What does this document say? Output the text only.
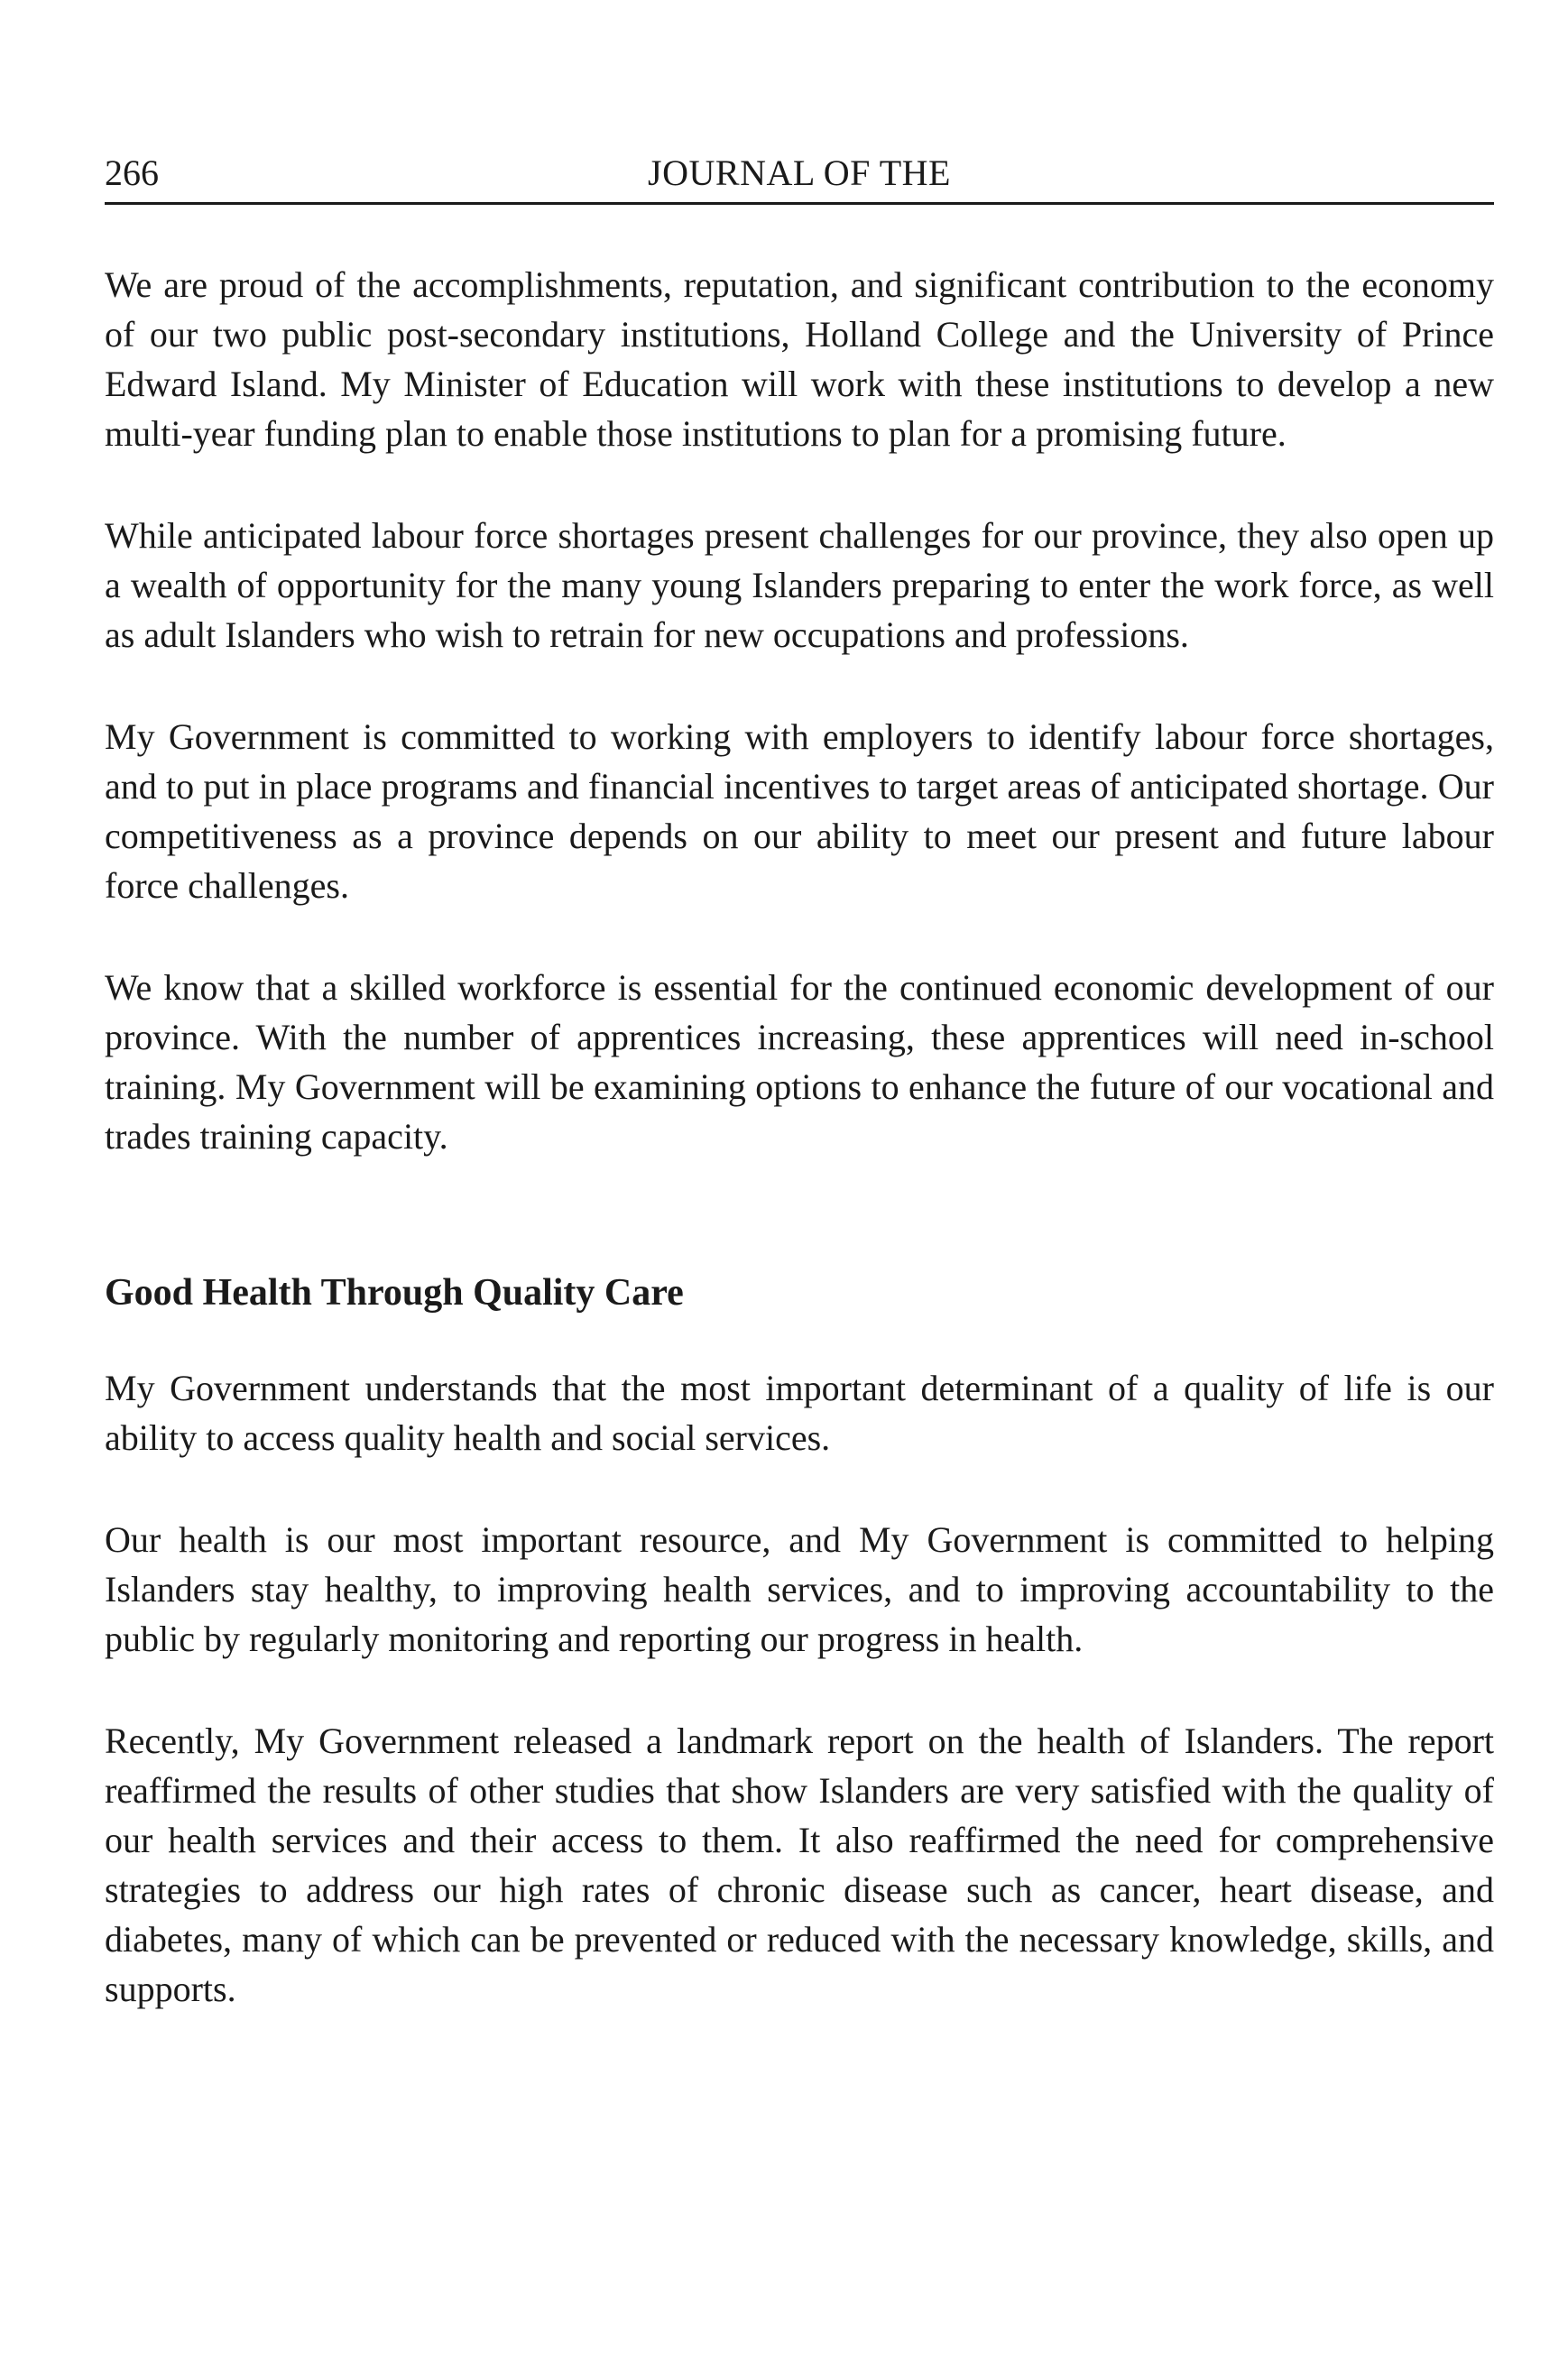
266	JOURNAL OF THE

We are proud of the accomplishments, reputation, and significant contribution to the economy of our two public post-secondary institutions, Holland College and the University of Prince Edward Island. My Minister of Education will work with these institutions to develop a new multi-year funding plan to enable those institutions to plan for a promising future.

While anticipated labour force shortages present challenges for our province, they also open up a wealth of opportunity for the many young Islanders preparing to enter the work force, as well as adult Islanders who wish to retrain for new occupations and professions.

My Government is committed to working with employers to identify labour force shortages, and to put in place programs and financial incentives to target areas of anticipated shortage. Our competitiveness as a province depends on our ability to meet our present and future labour force challenges.

We know that a skilled workforce is essential for the continued economic development of our province. With the number of apprentices increasing, these apprentices will need in-school training. My Government will be examining options to enhance the future of our vocational and trades training capacity.

Good Health Through Quality Care

My Government understands that the most important determinant of a quality of life is our ability to access quality health and social services.

Our health is our most important resource, and My Government is committed to helping Islanders stay healthy, to improving health services, and to improving accountability to the public by regularly monitoring and reporting our progress in health.

Recently, My Government released a landmark report on the health of Islanders. The report reaffirmed the results of other studies that show Islanders are very satisfied with the quality of our health services and their access to them. It also reaffirmed the need for comprehensive strategies to address our high rates of chronic disease such as cancer, heart disease, and diabetes, many of which can be prevented or reduced with the necessary knowledge, skills, and supports.
